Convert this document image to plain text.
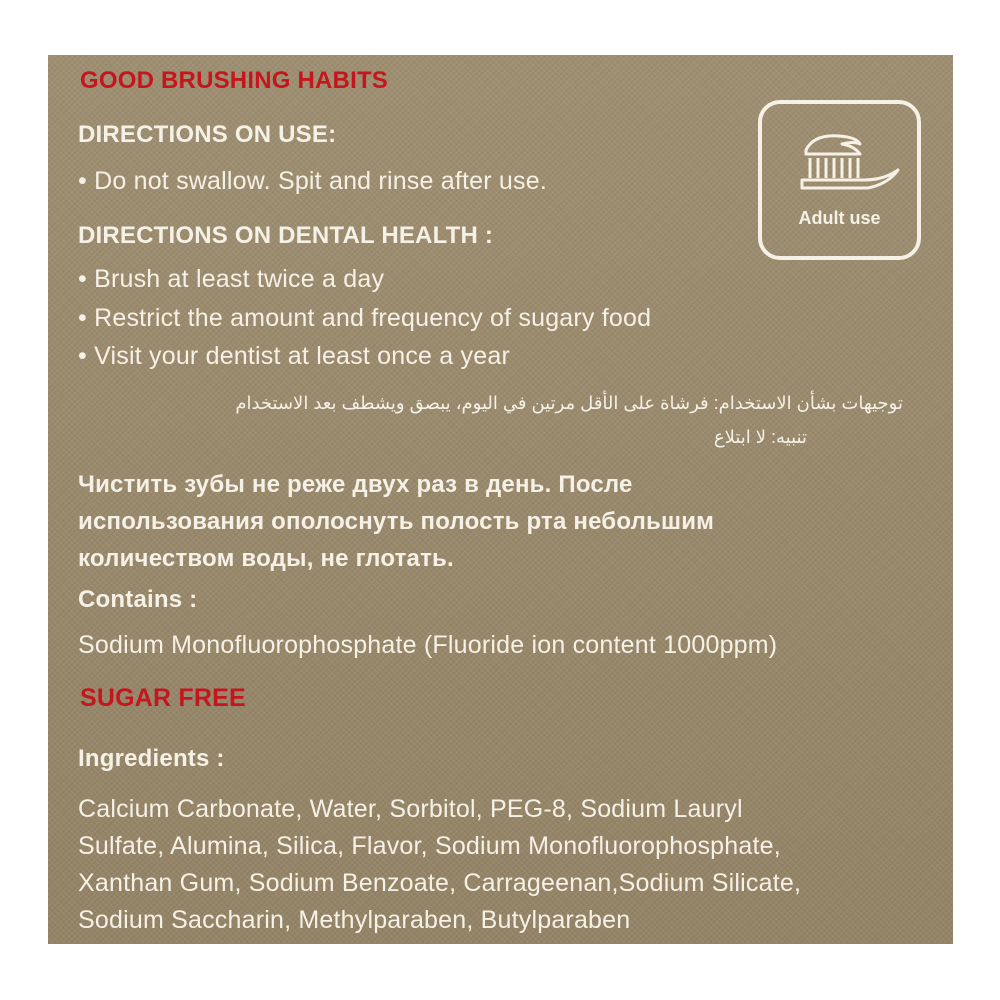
GOOD BRUSHING HABITS
DIRECTIONS ON USE:
• Do not swallow. Spit and rinse after use.
DIRECTIONS ON DENTAL HEALTH :
• Brush at least twice a day
• Restrict the amount and frequency of sugary food
• Visit your dentist at least once a year
توجيهات بشأن الاستخدام: فرشاة على الأقل مرتين في اليوم، يبصق ويشطف بعد الاستخدام
تنبيه: لا ابتلاع
Чистить зубы не реже двух раз в день. После
использования ополоснуть полость рта небольшим
количеством воды, не глотать.
Contains :
Sodium Monofluorophosphate (Fluoride ion content 1000ppm)
SUGAR FREE
Ingredients :
Calcium Carbonate, Water, Sorbitol, PEG-8, Sodium Lauryl
Sulfate, Alumina, Silica, Flavor, Sodium Monofluorophosphate,
Xanthan Gum, Sodium Benzoate, Carrageenan,Sodium Silicate,
Sodium Saccharin, Methylparaben, Butylparaben
Adult use
